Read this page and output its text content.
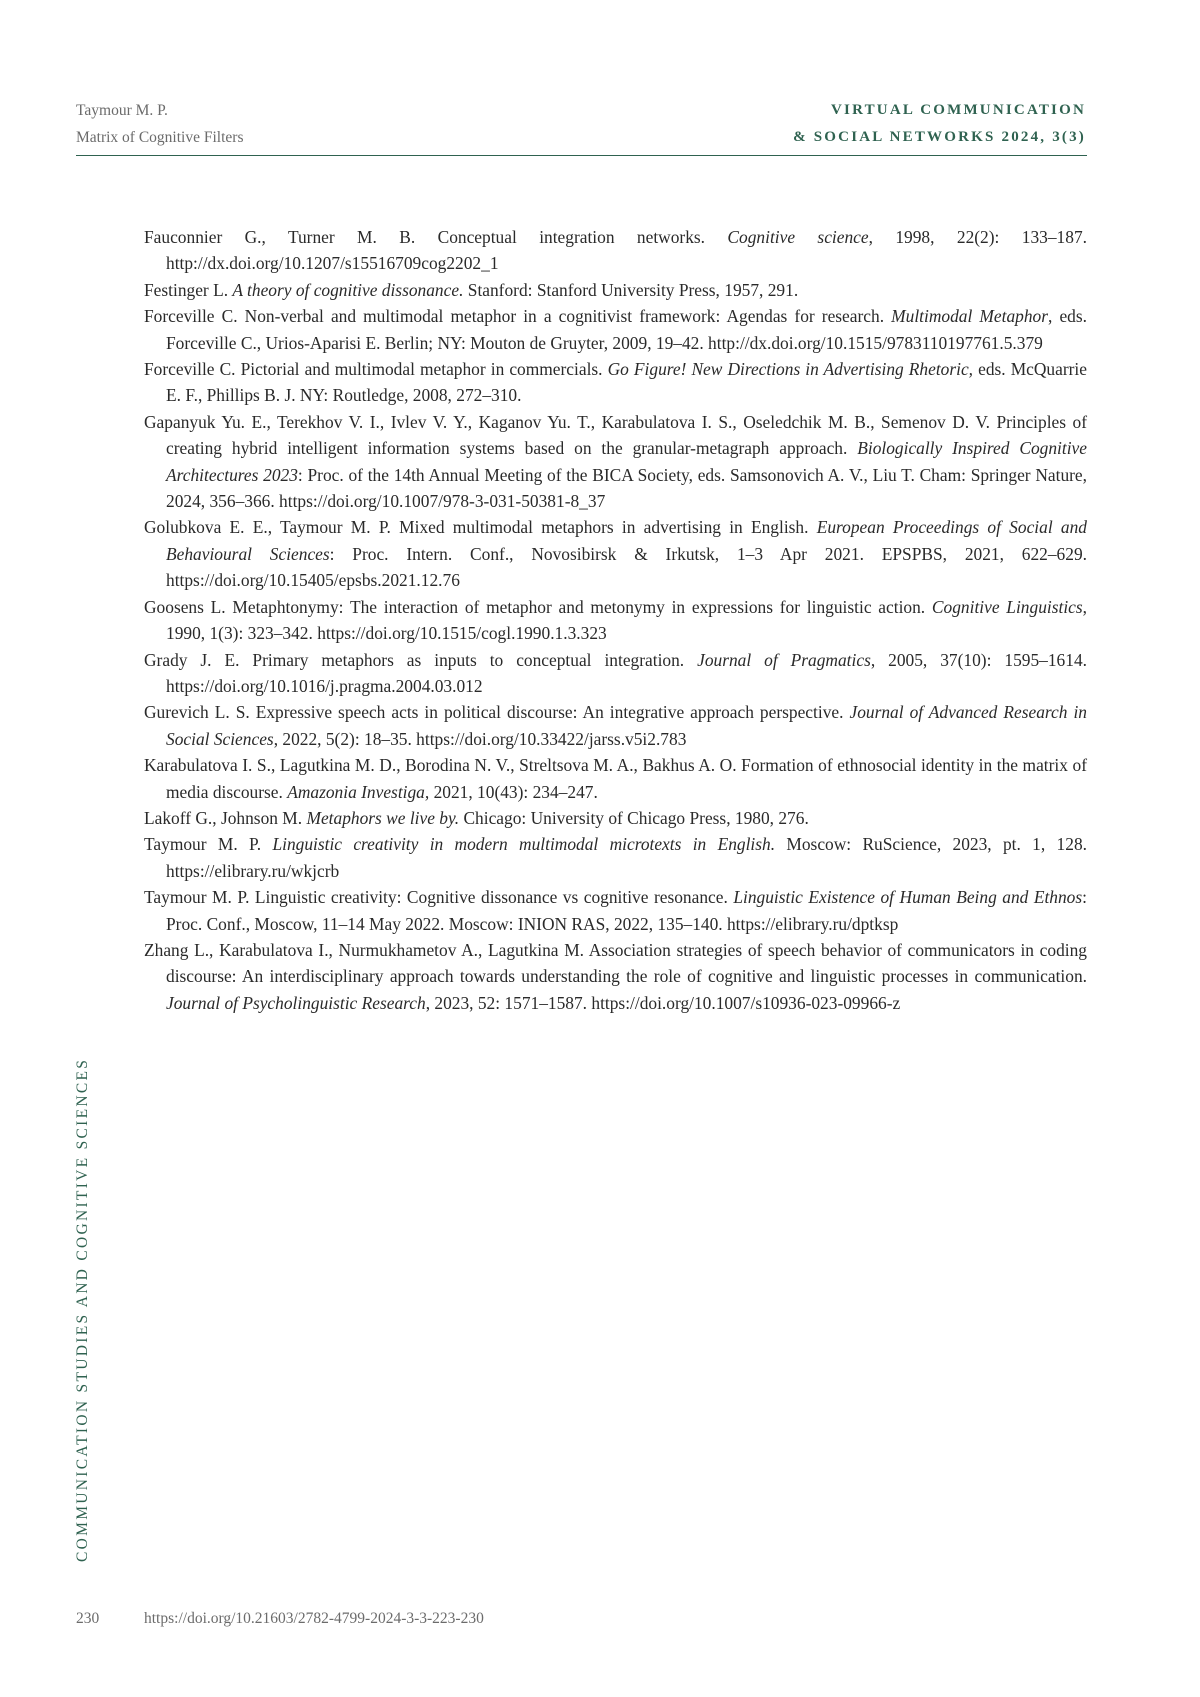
Taymour M. P.
Matrix of Cognitive Filters
VIRTUAL COMMUNICATION
& SOCIAL NETWORKS 2024, 3(3)

Fauconnier G., Turner M. B. Conceptual integration networks. Cognitive science, 1998, 22(2): 133–187. http://dx.doi.org/10.1207/s15516709cog2202_1

Festinger L. A theory of cognitive dissonance. Stanford: Stanford University Press, 1957, 291.

Forceville C. Non-verbal and multimodal metaphor in a cognitivist framework: Agendas for research. Multimodal Metaphor, eds. Forceville C., Urios-Aparisi E. Berlin; NY: Mouton de Gruyter, 2009, 19–42. http://dx.doi.org/10.1515/9783110197761.5.379

Forceville C. Pictorial and multimodal metaphor in commercials. Go Figure! New Directions in Advertising Rhetoric, eds. McQuarrie E. F., Phillips B. J. NY: Routledge, 2008, 272–310.

Gapanyuk Yu. E., Terekhov V. I., Ivlev V. Y., Kaganov Yu. T., Karabulatova I. S., Oseledchik M. B., Semenov D. V. Principles of creating hybrid intelligent information systems based on the granular-metagraph approach. Biologically Inspired Cognitive Architectures 2023: Proc. of the 14th Annual Meeting of the BICA Society, eds. Samsonovich A. V., Liu T. Cham: Springer Nature, 2024, 356–366. https://doi.org/10.1007/978-3-031-50381-8_37

Golubkova E. E., Taymour M. P. Mixed multimodal metaphors in advertising in English. European Proceedings of Social and Behavioural Sciences: Proc. Intern. Conf., Novosibirsk & Irkutsk, 1–3 Apr 2021. EPSPBS, 2021, 622–629. https://doi.org/10.15405/epsbs.2021.12.76

Goosens L. Metaphtonymy: The interaction of metaphor and metonymy in expressions for linguistic action. Cognitive Linguistics, 1990, 1(3): 323–342. https://doi.org/10.1515/cogl.1990.1.3.323

Grady J. E. Primary metaphors as inputs to conceptual integration. Journal of Pragmatics, 2005, 37(10): 1595–1614. https://doi.org/10.1016/j.pragma.2004.03.012

Gurevich L. S. Expressive speech acts in political discourse: An integrative approach perspective. Journal of Advanced Research in Social Sciences, 2022, 5(2): 18–35. https://doi.org/10.33422/jarss.v5i2.783

Karabulatova I. S., Lagutkina M. D., Borodina N. V., Streltsova M. A., Bakhus A. O. Formation of ethnosocial identity in the matrix of media discourse. Amazonia Investiga, 2021, 10(43): 234–247.

Lakoff G., Johnson M. Metaphors we live by. Chicago: University of Chicago Press, 1980, 276.

Taymour M. P. Linguistic creativity in modern multimodal microtexts in English. Moscow: RuScience, 2023, pt. 1, 128. https://elibrary.ru/wkjcrb

Taymour M. P. Linguistic creativity: Cognitive dissonance vs cognitive resonance. Linguistic Existence of Human Being and Ethnos: Proc. Conf., Moscow, 11–14 May 2022. Moscow: INION RAS, 2022, 135–140. https://elibrary.ru/dptksp

Zhang L., Karabulatova I., Nurmukhametov A., Lagutkina M. Association strategies of speech behavior of communicators in coding discourse: An interdisciplinary approach towards understanding the role of cognitive and linguistic processes in communication. Journal of Psycholinguistic Research, 2023, 52: 1571–1587. https://doi.org/10.1007/s10936-023-09966-z

COMMUNICATION STUDIES AND COGNITIVE SCIENCES
230	https://doi.org/10.21603/2782-4799-2024-3-3-223-230
